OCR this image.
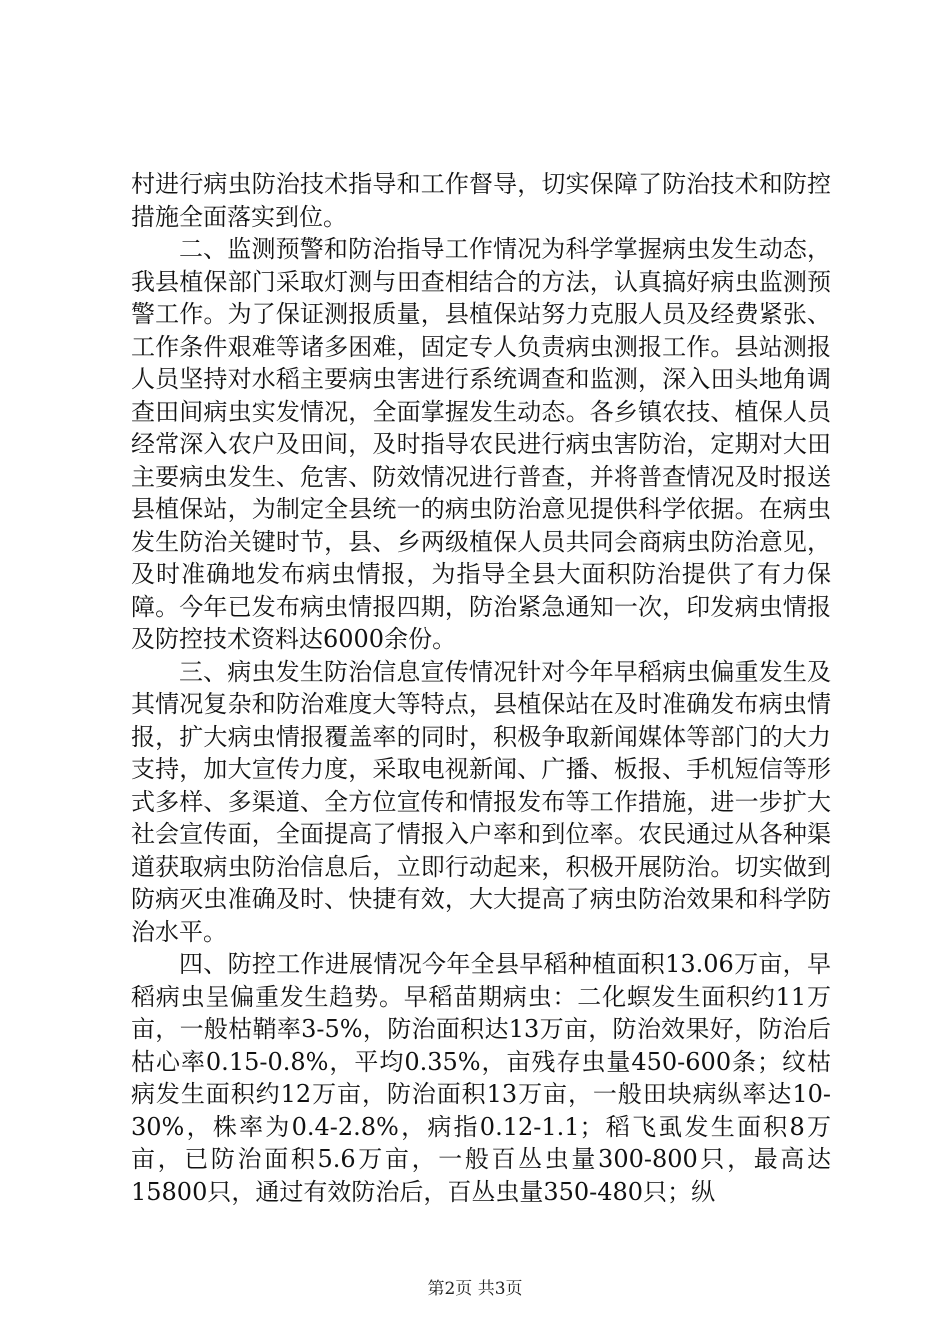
村进行病虫防治技术指导和工作督导，切实保障了防治技术和防控措施全面落实到位。

二、监测预警和防治指导工作情况为科学掌握病虫发生动态，我县植保部门采取灯测与田查相结合的方法，认真搞好病虫监测预警工作。为了保证测报质量，县植保站努力克服人员及经费紧张、工作条件艰难等诸多困难，固定专人负责病虫测报工作。县站测报人员坚持对水稻主要病虫害进行系统调查和监测，深入田头地角调查田间病虫实发情况，全面掌握发生动态。各乡镇农技、植保人员经常深入农户及田间，及时指导农民进行病虫害防治，定期对大田主要病虫发生、危害、防效情况进行普查，并将普查情况及时报送县植保站，为制定全县统一的病虫防治意见提供科学依据。在病虫发生防治关键时节，县、乡两级植保人员共同会商病虫防治意见，及时准确地发布病虫情报，为指导全县大面积防治提供了有力保障。今年已发布病虫情报四期，防治紧急通知一次，印发病虫情报及防控技术资料达6000余份。

三、病虫发生防治信息宣传情况针对今年早稻病虫偏重发生及其情况复杂和防治难度大等特点，县植保站在及时准确发布病虫情报，扩大病虫情报覆盖率的同时，积极争取新闻媒体等部门的大力支持，加大宣传力度，采取电视新闻、广播、板报、手机短信等形式多样、多渠道、全方位宣传和情报发布等工作措施，进一步扩大社会宣传面，全面提高了情报入户率和到位率。农民通过从各种渠道获取病虫防治信息后，立即行动起来，积极开展防治。切实做到防病灭虫准确及时、快捷有效，大大提高了病虫防治效果和科学防治水平。

四、防控工作进展情况今年全县早稻种植面积13.06万亩，早稻病虫呈偏重发生趋势。早稻苗期病虫：二化螟发生面积约11万亩，一般枯鞘率3-5%，防治面积达13万亩，防治效果好，防治后枯心率0.15-0.8%，平均0.35%，亩残存虫量450-600条；纹枯病发生面积约12万亩，防治面积13万亩，一般田块病纵率达10-30%，株率为0.4-2.8%，病指0.12-1.1；稻飞虱发生面积8万亩，已防治面积5.6万亩，一般百丛虫量300-800只，最高达15800只，通过有效防治后，百丛虫量350-480只；纵

第2页 共3页
